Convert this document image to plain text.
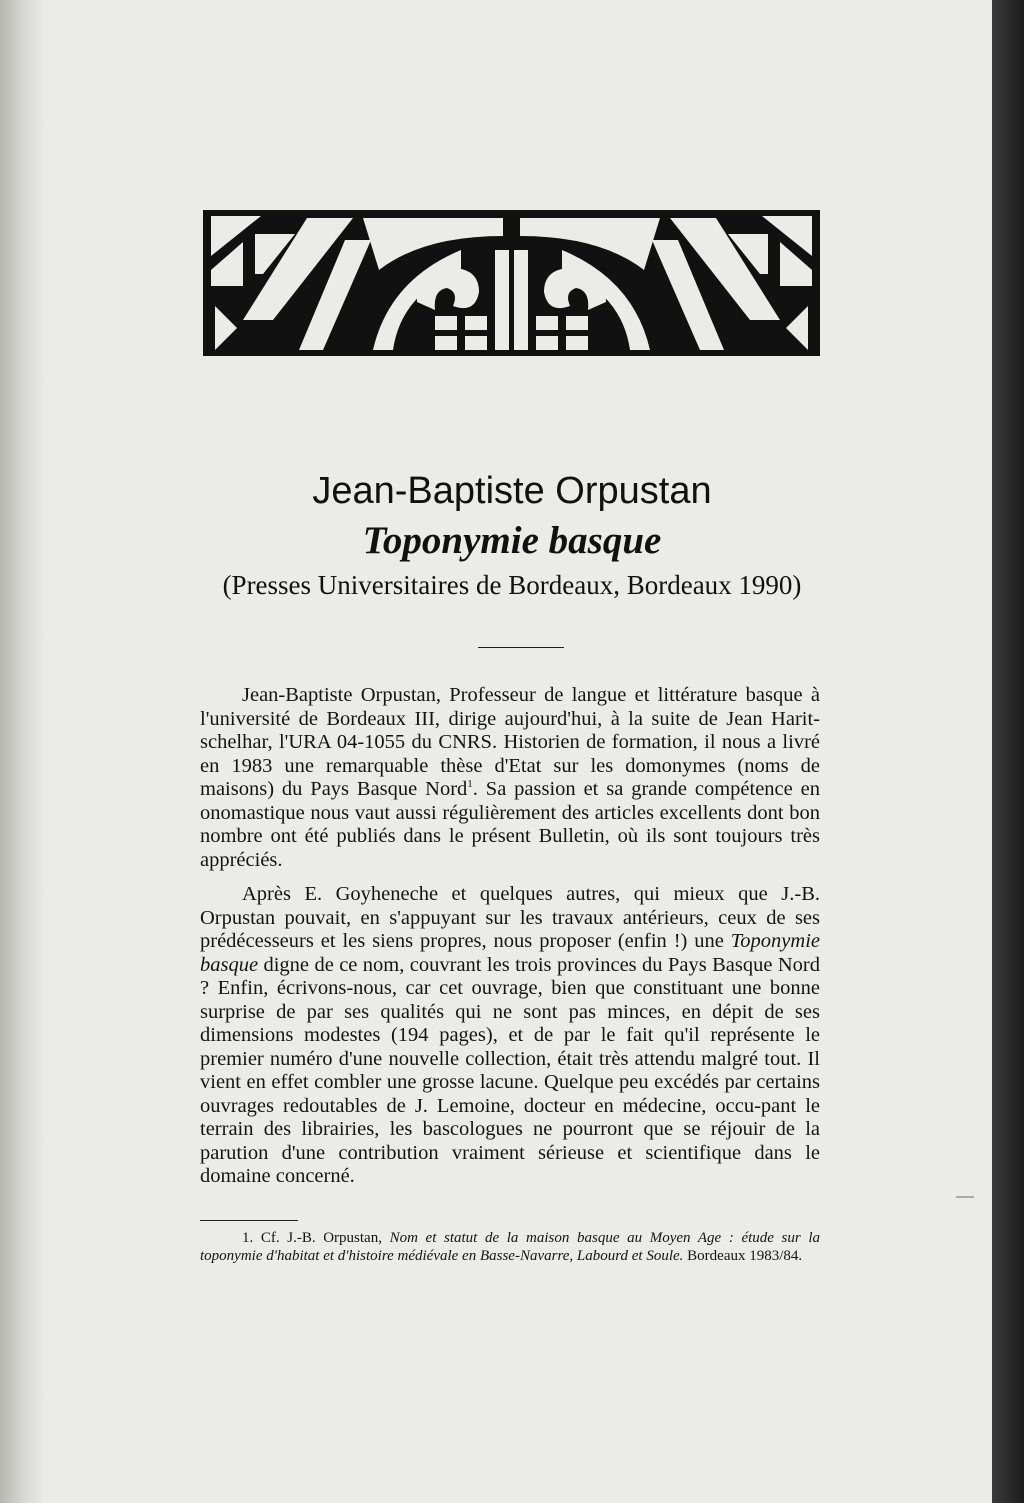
Jean-Baptiste Orpustan
Toponymie basque

(Presses Universitaires de Bordeaux, Bordeaux 1990)

Jean-Baptiste Orpustan, Professeur de langue et littérature basque à l'université de Bordeaux III, dirige aujourd'hui, à la suite de Jean Harit-schelhar, l'URA 04-1055 du CNRS. Historien de formation, il nous a livré en 1983 une remarquable thèse d'Etat sur les domonymes (noms de maisons) du Pays Basque Nord$^1$. Sa passion et sa grande compétence en onomastique nous vaut aussi régulièrement des articles excellents dont bon nombre ont été publiés dans le présent Bulletin, où ils sont toujours très appréciés.

Après E. Goyheneche et quelques autres, qui mieux que J.-B. Orpustan pouvait, en s'appuyant sur les travaux antérieurs, ceux de ses prédécesseurs et les siens propres, nous proposer (enfin !) une Toponymie basque digne de ce nom, couvrant les trois provinces du Pays Basque Nord ? Enfin, écrivons-nous, car cet ouvrage, bien que constituant une bonne surprise de par ses qualités qui ne sont pas minces, en dépit de ses dimensions modestes (194 pages), et de par le fait qu'il représente le premier numéro d'une nouvelle collection, était très attendu malgré tout. Il vient en effet combler une grosse lacune. Quelque peu excédés par certains ouvrages redoutables de J. Lemoine, docteur en médecine, occu-pant le terrain des librairies, les bascologues ne pourront que se réjouir de la parution d'une contribution vraiment sérieuse et scientifique dans le domaine concerné.

1. Cf. J.-B. Orpustan, Nom et statut de la maison basque au Moyen Age : étude sur la toponymie d'habitat et d'histoire médiévale en Basse-Navarre, Labourd et Soule. Bordeaux 1983/84.
